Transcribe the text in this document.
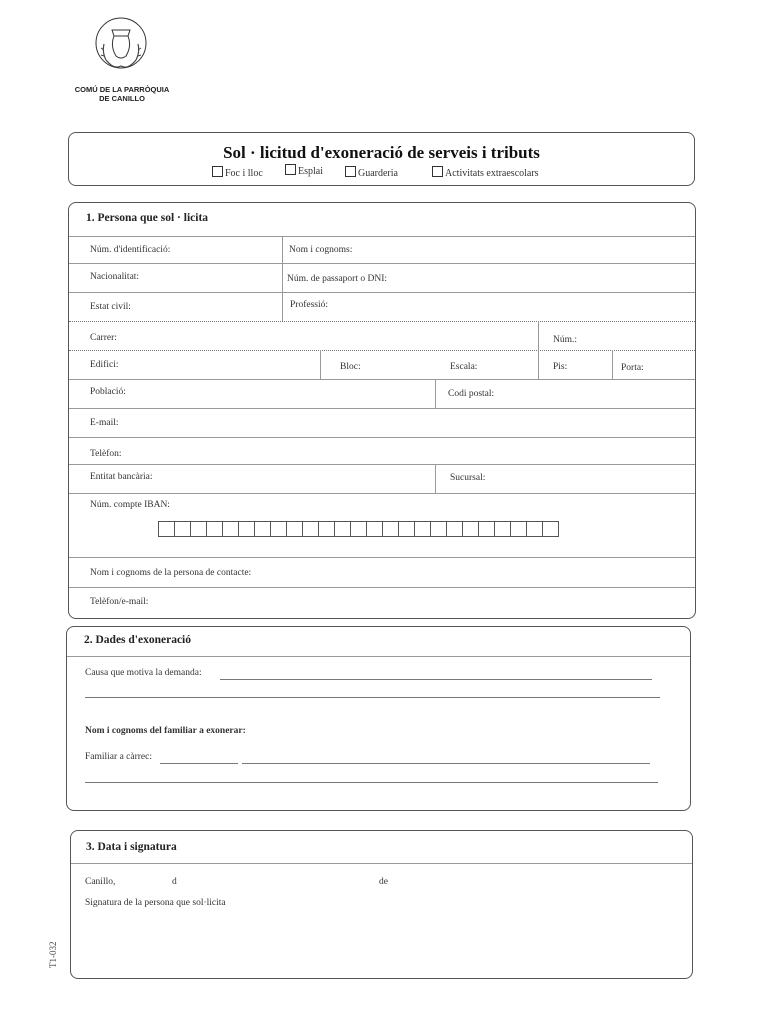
COMÚ DE LA PARRÒQUIA
DE CANILLO
Sol · licitud d'exoneració de serveis i tributs
Foc i lloc	Esplai	Guarderia	Activitats extraescolars
1. Persona que sol · licita
Núm. d'identificació:	Nom i cognoms:
Nacionalitat:	Núm. de passaport o DNI:
Estat civil:	Professió:
Carrer:	Núm.:
Edifici:	Bloc:	Escala:	Pis:	Porta:
Població:	Codi postal:
E-mail:
Telèfon:
Entitat bancària:	Sucursal:
Núm. compte IBAN:
Nom i cognoms de la persona de contacte:
Telèfon/e-mail:
2. Dades d'exoneració
Causa que motiva la demanda:
Nom i cognoms del familiar a exonerar:
Familiar a càrrec:
3. Data i signatura
Canillo,	d	de
Signatura de la persona que sol·licita
T1-032
